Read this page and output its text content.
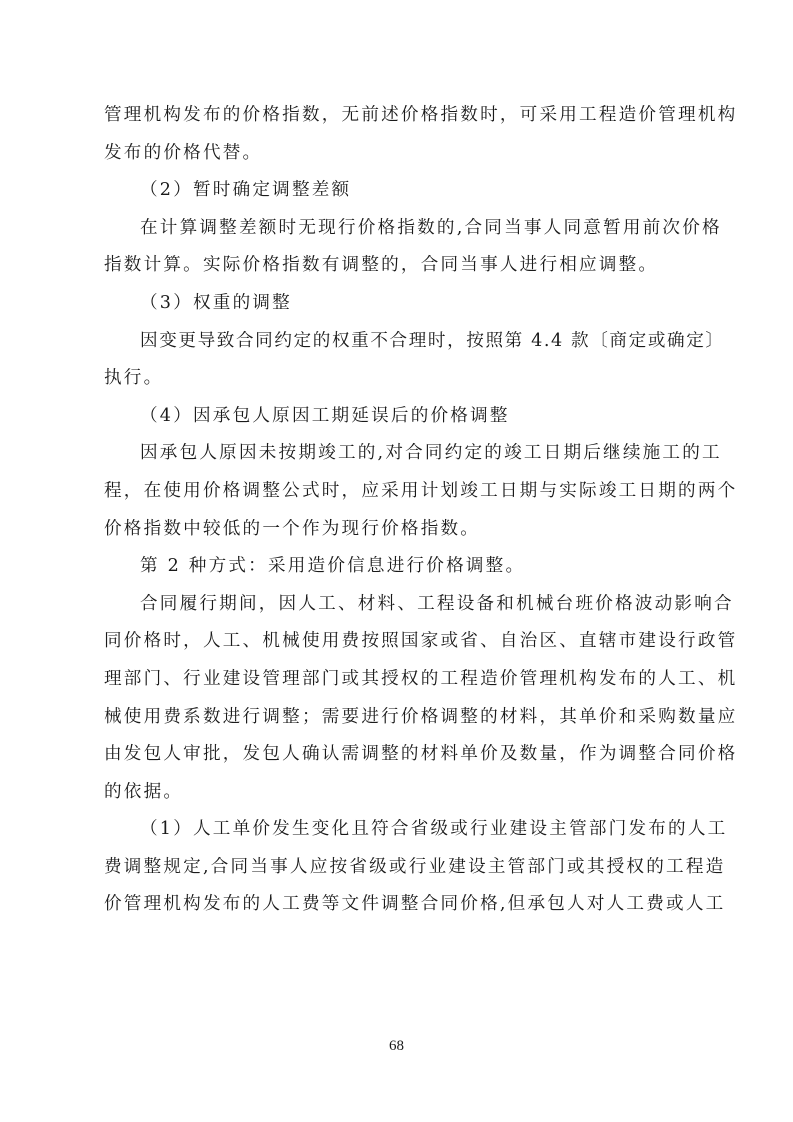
管理机构发布的价格指数，无前述价格指数时，可采用工程造价管理机构
发布的价格代替。
（2）暂时确定调整差额
在计算调整差额时无现行价格指数的,合同当事人同意暂用前次价格
指数计算。实际价格指数有调整的，合同当事人进行相应调整。
（3）权重的调整
因变更导致合同约定的权重不合理时，按照第 4.4 款〔商定或确定〕
执行。
（4）因承包人原因工期延误后的价格调整
因承包人原因未按期竣工的,对合同约定的竣工日期后继续施工的工
程，在使用价格调整公式时，应采用计划竣工日期与实际竣工日期的两个
价格指数中较低的一个作为现行价格指数。
第 2 种方式：采用造价信息进行价格调整。
合同履行期间，因人工、材料、工程设备和机械台班价格波动影响合
同价格时，人工、机械使用费按照国家或省、自治区、直辖市建设行政管
理部门、行业建设管理部门或其授权的工程造价管理机构发布的人工、机
械使用费系数进行调整；需要进行价格调整的材料，其单价和采购数量应
由发包人审批，发包人确认需调整的材料单价及数量，作为调整合同价格
的依据。
（1）人工单价发生变化且符合省级或行业建设主管部门发布的人工
费调整规定,合同当事人应按省级或行业建设主管部门或其授权的工程造
价管理机构发布的人工费等文件调整合同价格,但承包人对人工费或人工
68
